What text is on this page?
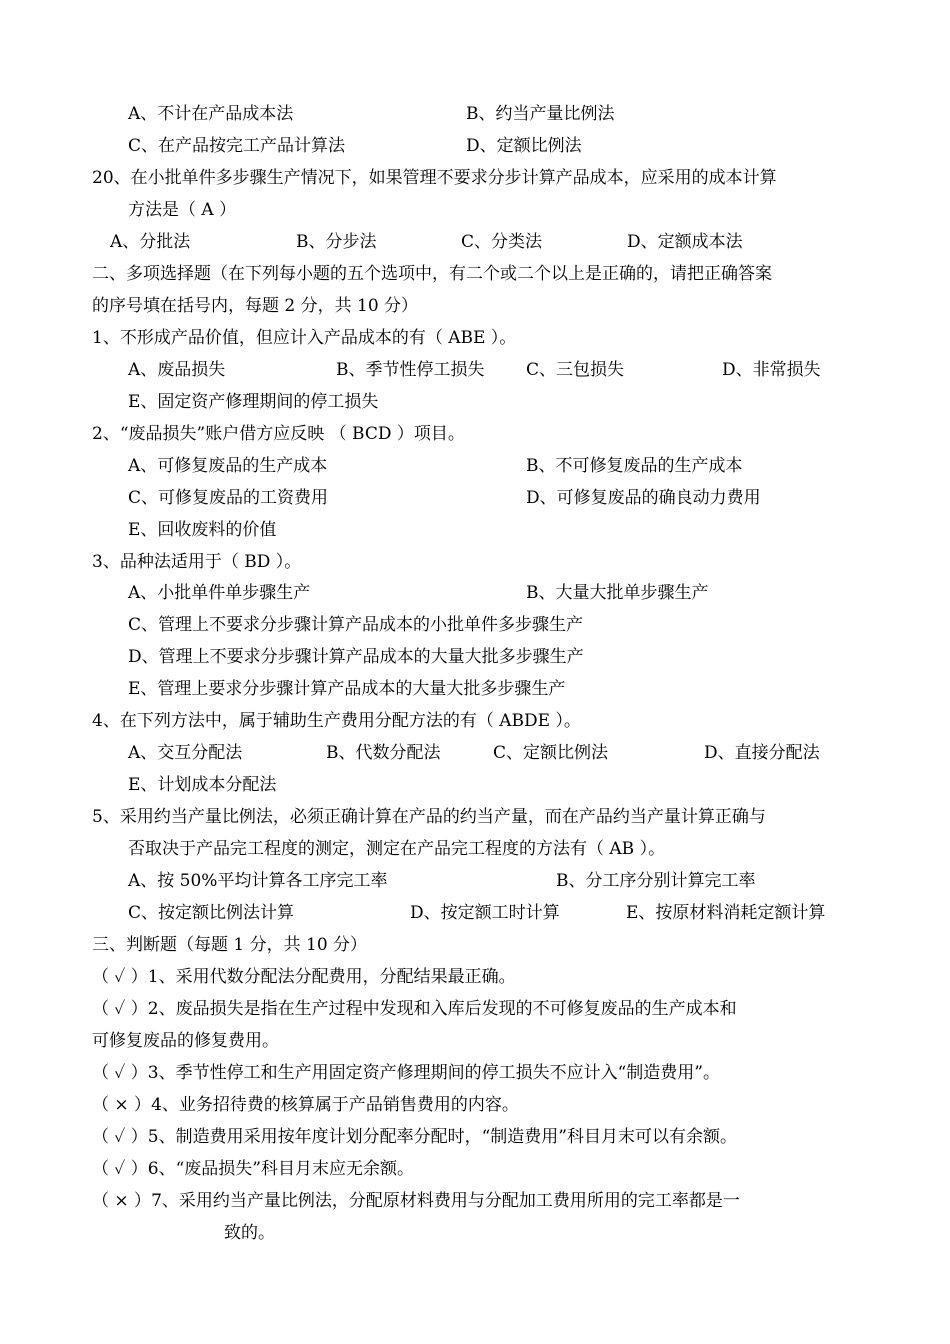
A、不计在产品成本法	B、约当产量比例法
C、在产品按完工产品计算法	D、定额比例法
20、在小批单件多步骤生产情况下，如果管理不要求分步计算产品成本，应采用的成本计算
方法是（ A ）
A、分批法	B、分步法	C、分类法	D、定额成本法
二、多项选择题（在下列每小题的五个选项中，有二个或二个以上是正确的，请把正确答案
的序号填在括号内，每题 2 分，共 10 分）
1、不形成产品价值，但应计入产品成本的有（ ABE ）。
A、废品损失	B、季节性停工损失 C、三包损失	D、非常损失
E、固定资产修理期间的停工损失
2、“废品损失”账户借方应反映 （ BCD ）项目。
A、可修复废品的生产成本	B、不可修复废品的生产成本
C、可修复废品的工资费用	D、可修复废品的确良动力费用
E、回收废料的价值
3、品种法适用于（ BD ）。
A、小批单件单步骤生产	B、大量大批单步骤生产
C、管理上不要求分步骤计算产品成本的小批单件多步骤生产
D、管理上不要求分步骤计算产品成本的大量大批多步骤生产
E、管理上要求分步骤计算产品成本的大量大批多步骤生产
4、在下列方法中，属于辅助生产费用分配方法的有（ ABDE ）。
A、交互分配法	B、代数分配法	C、定额比例法	D、直接分配法
E、计划成本分配法
5、采用约当产量比例法，必须正确计算在产品的约当产量，而在产品约当产量计算正确与
否取决于产品完工程度的测定，测定在产品完工程度的方法有（ AB ）。
A、按 50%平均计算各工序完工率	B、分工序分别计算完工率
C、按定额比例法计算	D、按定额工时计算	E、按原材料消耗定额计算
三、判断题（每题 1 分，共 10 分）
（ ✓ ）1、采用代数分配法分配费用，分配结果最正确。
（ ✓ ）2、废品损失是指在生产过程中发现和入库后发现的不可修复废品的生产成本和
可修复废品的修复费用。
（ ✓ ）3、季节性停工和生产用固定资产修理期间的停工损失不应计入“制造费用”。
（ × ）4、业务招待费的核算属于产品销售费用的内容。
（ ✓ ）5、制造费用采用按年度计划分配率分配时，“制造费用”科目月末可以有余额。
（ ✓ ）6、“废品损失”科目月末应无余额。
（ × ）7、采用约当产量比例法，分配原材料费用与分配加工费用所用的完工率都是一
致的。
